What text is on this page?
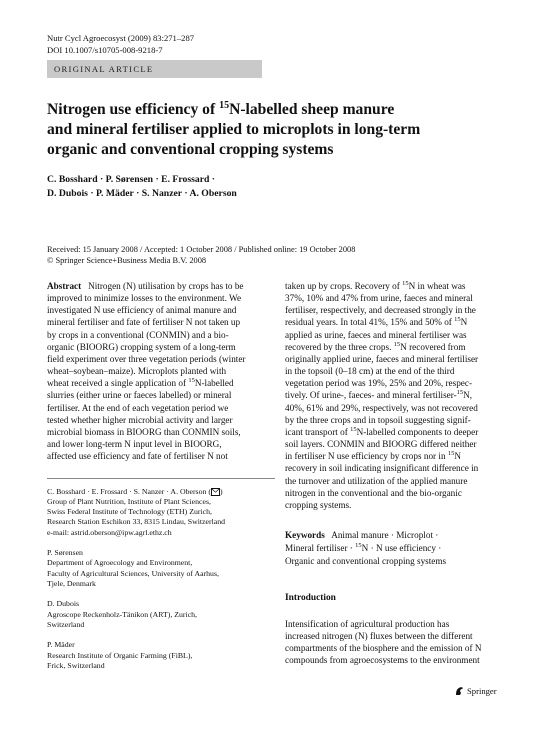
Nutr Cycl Agroecosyst (2009) 83:271–287
DOI 10.1007/s10705-008-9218-7
ORIGINAL ARTICLE
Nitrogen use efficiency of $^{15}$N-labelled sheep manure
and mineral fertiliser applied to microplots in long-term
organic and conventional cropping systems
C. Bosshard · P. Sørensen · E. Frossard ·
D. Dubois · P. Mäder · S. Nanzer · A. Oberson
Received: 15 January 2008 / Accepted: 1 October 2008 / Published online: 19 October 2008
© Springer Science+Business Media B.V. 2008
Abstract Nitrogen (N) utilisation by crops has to be
improved to minimize losses to the environment. We
investigated N use efficiency of animal manure and
mineral fertiliser and fate of fertiliser N not taken up
by crops in a conventional (CONMIN) and a bio-
organic (BIOORG) cropping system of a long-term
field experiment over three vegetation periods (winter
wheat–soybean–maize). Microplots planted with
wheat received a single application of $^{15}$N-labelled
slurries (either urine or faeces labelled) or mineral
fertiliser. At the end of each vegetation period we
tested whether higher microbial activity and larger
microbial biomass in BIOORG than CONMIN soils,
and lower long-term N input level in BIOORG,
affected use efficiency and fate of fertiliser N not
taken up by crops. Recovery of $^{15}$N in wheat was
37%, 10% and 47% from urine, faeces and mineral
fertiliser, respectively, and decreased strongly in the
residual years. In total 41%, 15% and 50% of $^{15}$N
applied as urine, faeces and mineral fertiliser was
recovered by the three crops. $^{15}$N recovered from
originally applied urine, faeces and mineral fertiliser
in the topsoil (0–18 cm) at the end of the third
vegetation period was 19%, 25% and 20%, respec-
tively. Of urine-, faeces- and mineral fertiliser-$^{15}$N,
40%, 61% and 29%, respectively, was not recovered
by the three crops and in topsoil suggesting signif-
icant transport of $^{15}$N-labelled components to deeper
soil layers. CONMIN and BIOORG differed neither
in fertiliser N use efficiency by crops nor in $^{15}$N
recovery in soil indicating insignificant difference in
the turnover and utilization of the applied manure
nitrogen in the conventional and the bio-organic
cropping systems.

C. Bosshard · E. Frossard · S. Nanzer · A. Oberson ( )
Group of Plant Nutrition, Institute of Plant Sciences,
Swiss Federal Institute of Technology (ETH) Zurich,
Research Station Eschikon 33, 8315 Lindau, Switzerland
e-mail: astrid.oberson@ipw.agrl.ethz.ch

P. Sørensen
Department of Agroecology and Environment,
Faculty of Agricultural Sciences, University of Aarhus,
Tjele, Denmark

D. Dubois
Agroscope Reckenholz-Tänikon (ART), Zurich,
Switzerland

P. Mäder
Research Institute of Organic Farming (FiBL),
Frick, Switzerland

Keywords Animal manure · Microplot ·
Mineral fertiliser · $^{15}$N · N use efficiency ·
Organic and conventional cropping systems
Introduction
Intensification of agricultural production has
increased nitrogen (N) fluxes between the different
compartments of the biosphere and the emission of N
compounds from agroecosystems to the environment
Springer
